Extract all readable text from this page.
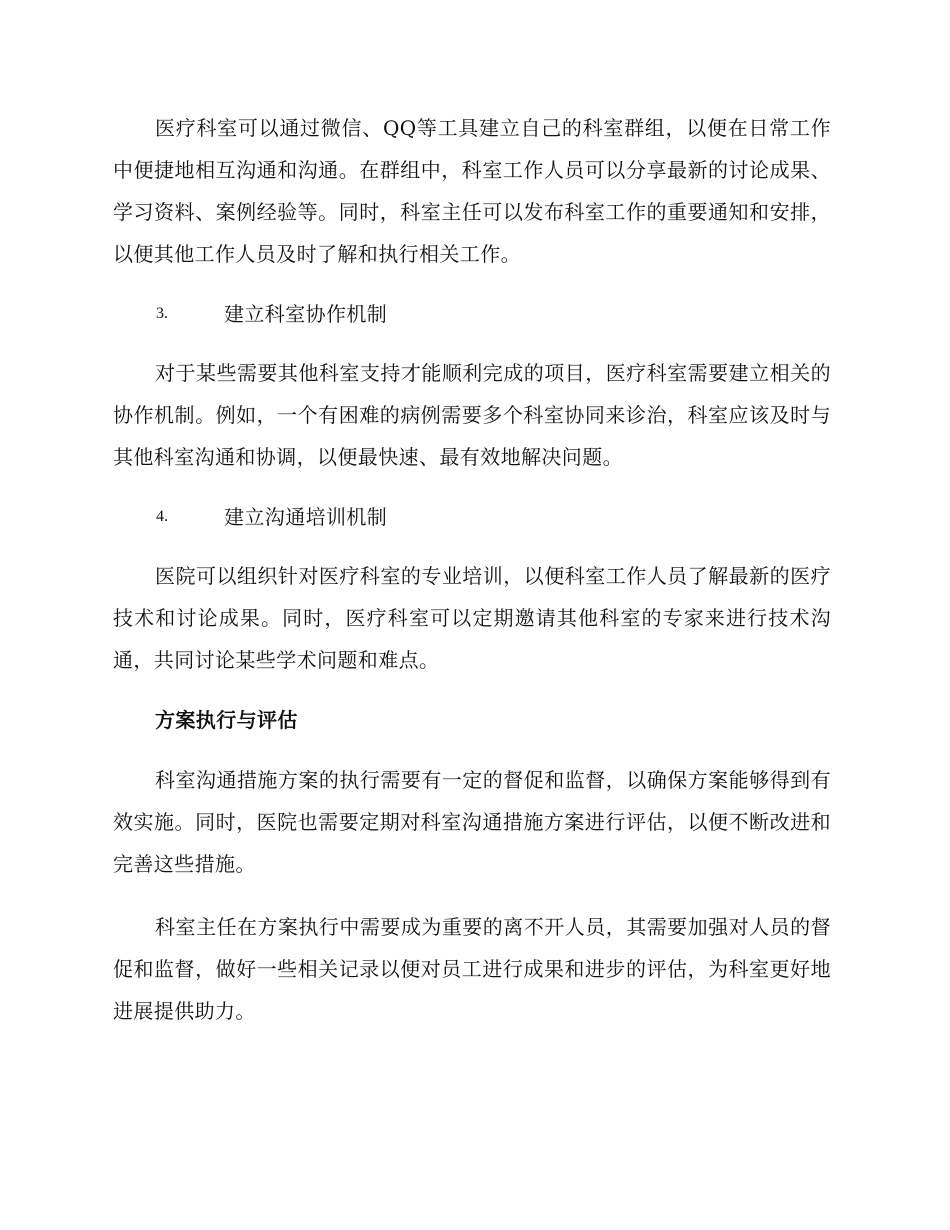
医疗科室可以通过微信、QQ等工具建立自己的科室群组，以便在日常工作中便捷地相互沟通和沟通。在群组中，科室工作人员可以分享最新的讨论成果、学习资料、案例经验等。同时，科室主任可以发布科室工作的重要通知和安排，以便其他工作人员及时了解和执行相关工作。

3.	建立科室协作机制

对于某些需要其他科室支持才能顺利完成的项目，医疗科室需要建立相关的协作机制。例如，一个有困难的病例需要多个科室协同来诊治，科室应该及时与其他科室沟通和协调，以便最快速、最有效地解决问题。

4.	建立沟通培训机制

医院可以组织针对医疗科室的专业培训，以便科室工作人员了解最新的医疗技术和讨论成果。同时，医疗科室可以定期邀请其他科室的专家来进行技术沟通，共同讨论某些学术问题和难点。

方案执行与评估

科室沟通措施方案的执行需要有一定的督促和监督，以确保方案能够得到有效实施。同时，医院也需要定期对科室沟通措施方案进行评估，以便不断改进和完善这些措施。

科室主任在方案执行中需要成为重要的离不开人员，其需要加强对人员的督促和监督，做好一些相关记录以便对员工进行成果和进步的评估，为科室更好地进展提供助力。
